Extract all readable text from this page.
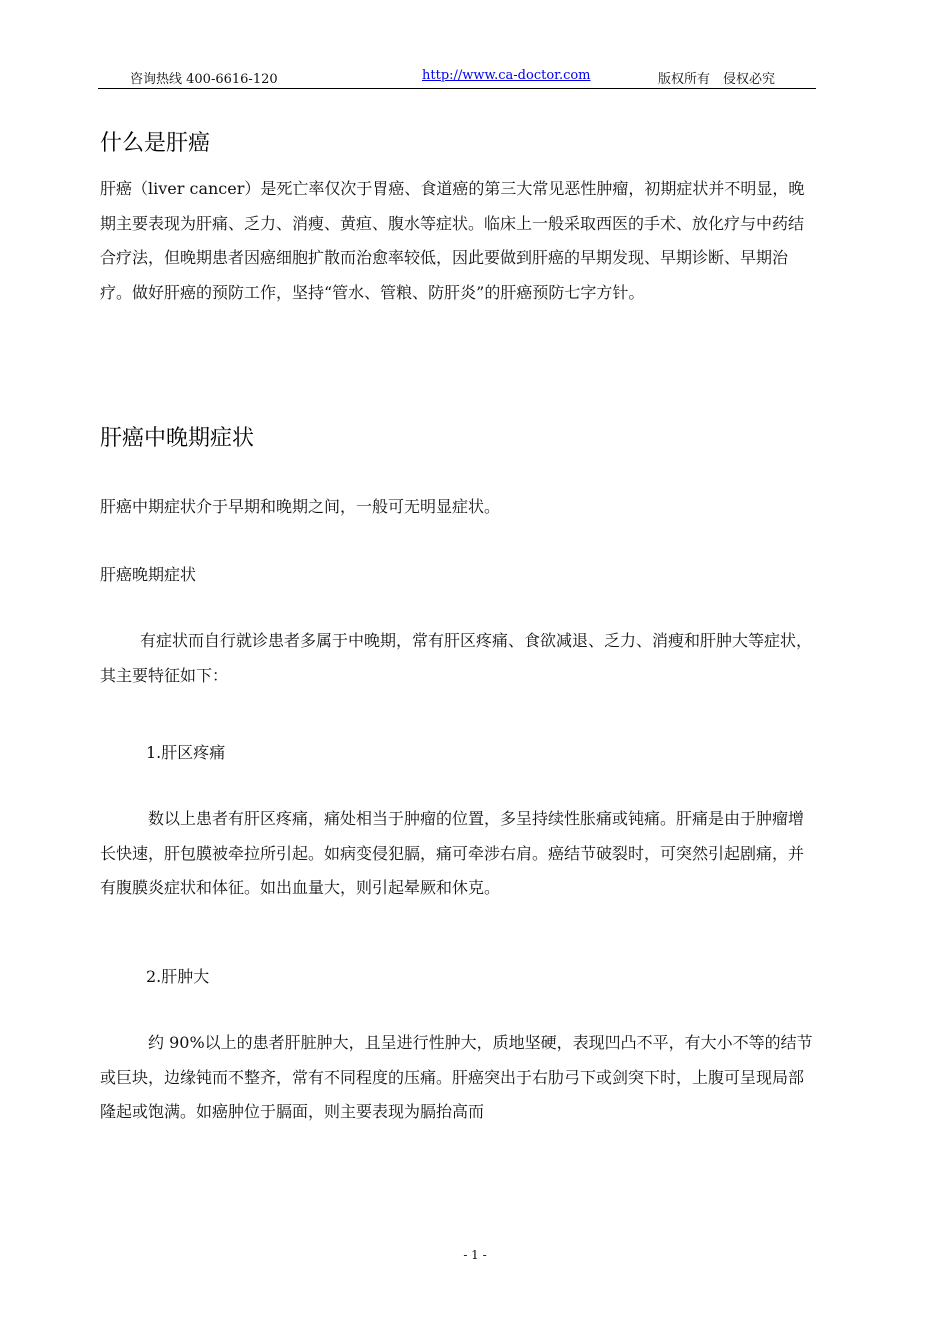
咨询热线 400-6616-120	http://www.ca-doctor.com	版权所有　侵权必究
什么是肝癌

肝癌（liver cancer）是死亡率仅次于胃癌、食道癌的第三大常见恶性肿瘤，初期症状并不明显，晚期主要表现为肝痛、乏力、消瘦、黄疸、腹水等症状。临床上一般采取西医的手术、放化疗与中药结合疗法，但晚期患者因癌细胞扩散而治愈率较低，因此要做到肝癌的早期发现、早期诊断、早期治疗。做好肝癌的预防工作，坚持“管水、管粮、防肝炎”的肝癌预防七字方针。

肝癌中晚期症状

肝癌中期症状介于早期和晚期之间，一般可无明显症状。

肝癌晚期症状

有症状而自行就诊患者多属于中晚期，常有肝区疼痛、食欲减退、乏力、消瘦和肝肿大等症状，其主要特征如下：

1.肝区疼痛

数以上患者有肝区疼痛，痛处相当于肿瘤的位置，多呈持续性胀痛或钝痛。肝痛是由于肿瘤增长快速，肝包膜被牵拉所引起。如病变侵犯膈，痛可牵涉右肩。癌结节破裂时，可突然引起剧痛，并有腹膜炎症状和体征。如出血量大，则引起晕厥和休克。

2.肝肿大

约 90%以上的患者肝脏肿大，且呈进行性肿大，质地坚硬，表现凹凸不平，有大小不等的结节或巨块，边缘钝而不整齐，常有不同程度的压痛。肝癌突出于右肋弓下或剑突下时，上腹可呈现局部隆起或饱满。如癌肿位于膈面，则主要表现为膈抬高而

- 1 -
